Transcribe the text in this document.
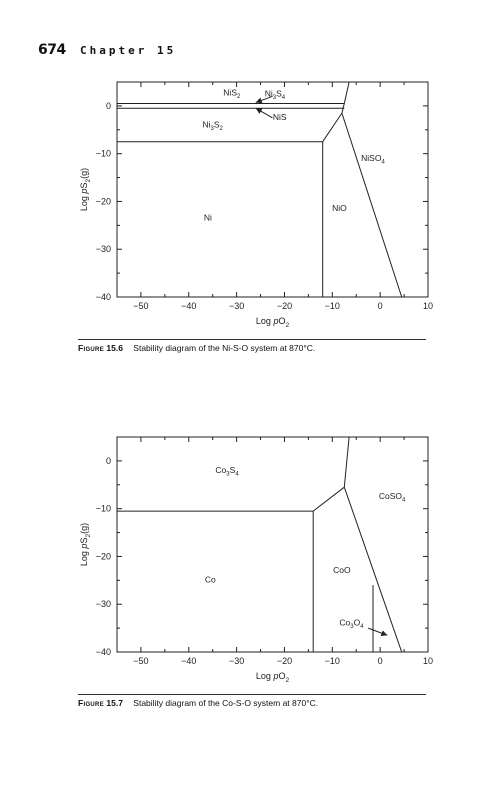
674 Chapter 15
−50	−40	−30	−20	−10	0	10
0
−10
−20
−30
−40
Log $pO_2$
Log $pS_2(g)$
NiS$_2$	$Ni_3S_4$
NiS
$Ni_3S_2$
NiSO$_4$
NiO
Ni
Figure 15.6 Stability diagram of the Ni-S-O system at 870°C.
−50	−40	−30	−20	−10	0	10
0
−10
−20
−30
−40
Log $pO_2$
Log $pS_2(g)$
$Co_3S_4$
CoSO$_4$
CoO
Co
$Co_3O_4$
Figure 15.7 Stability diagram of the Co-S-O system at 870°C.
